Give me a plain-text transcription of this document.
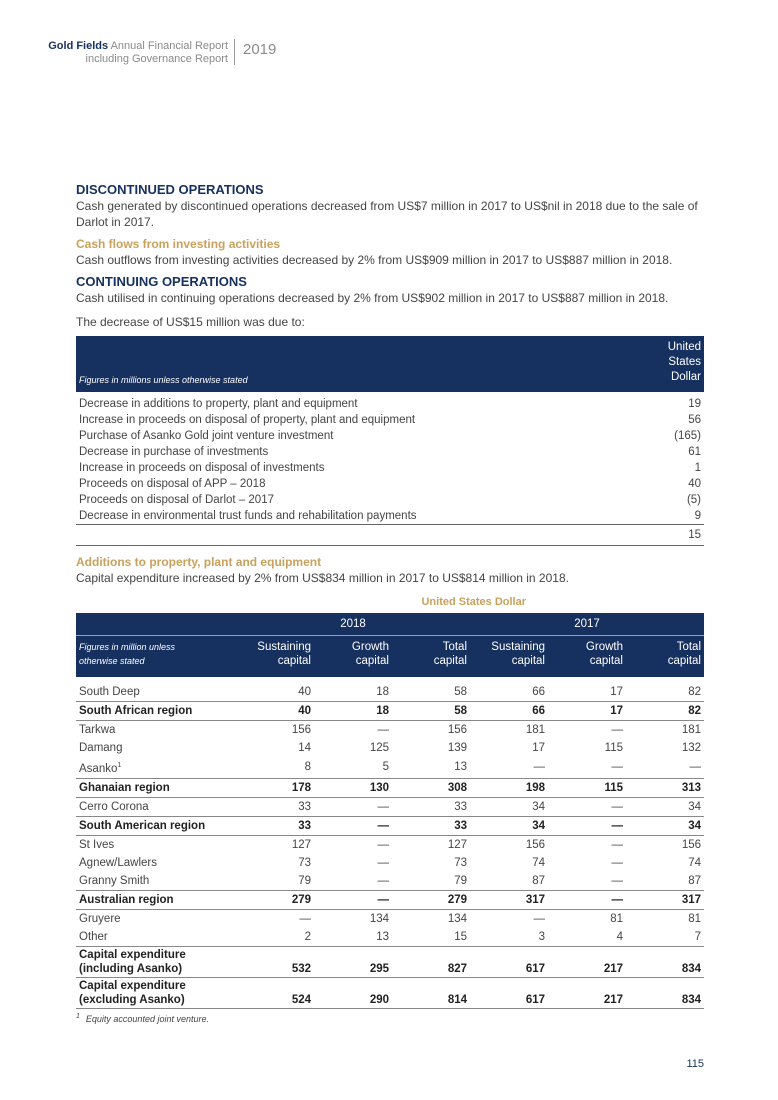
Gold Fields Annual Financial Report
including Governance Report
2019
DISCONTINUED OPERATIONS

Cash generated by discontinued operations decreased from US$7 million in 2017 to US$nil in 2018 due to the sale of Darlot in 2017.

Cash flows from investing activities

Cash outflows from investing activities decreased by 2% from US$909 million in 2017 to US$887 million in 2018.

CONTINUING OPERATIONS

Cash utilised in continuing operations decreased by 2% from US$902 million in 2017 to US$887 million in 2018.

The decrease of US$15 million was due to:

Figures in millions unless otherwise stated	United
States
Dollar

Decrease in additions to property, plant and equipment	19
Increase in proceeds on disposal of property, plant and equipment	56
Purchase of Asanko Gold joint venture investment	(165)
Decrease in purchase of investments	61
Increase in proceeds on disposal of investments	1
Proceeds on disposal of APP – 2018	40
Proceeds on disposal of Darlot – 2017	(5)
Decrease in environmental trust funds and rehabilitation payments	9
	15
Additions to property, plant and equipment

Capital expenditure increased by 2% from US$834 million in 2017 to US$814 million in 2018.

United States Dollar
	2018			2017		
Figures in million unless
otherwise stated	Sustaining
capital	Growth
capital	Total
capital	Sustaining
capital	Growth
capital	Total
capital

South Deep	40	18	58	66	17	82
South African region	40	18	58	66	17	82
Tarkwa	156	—	156	181	—	181
Damang	14	125	139	17	115	132
Asanko$^1$	8	5	13	—	—	—
Ghanaian region	178	130	308	198	115	313
Cerro Corona	33	—	33	34	—	34
South American region	33	—	33	34	—	34
St Ives	127	—	127	156	—	156
Agnew/Lawlers	73	—	73	74	—	74
Granny Smith	79	—	79	87	—	87
Australian region	279	—	279	317	—	317
Gruyere	—	134	134	—	81	81
Other	2	13	15	3	4	7
Capital expenditure
(including Asanko)	532	295	827	617	217	834
Capital expenditure
(excluding Asanko)	524	290	814	617	217	834
$^1$ Equity accounted joint venture.
115
